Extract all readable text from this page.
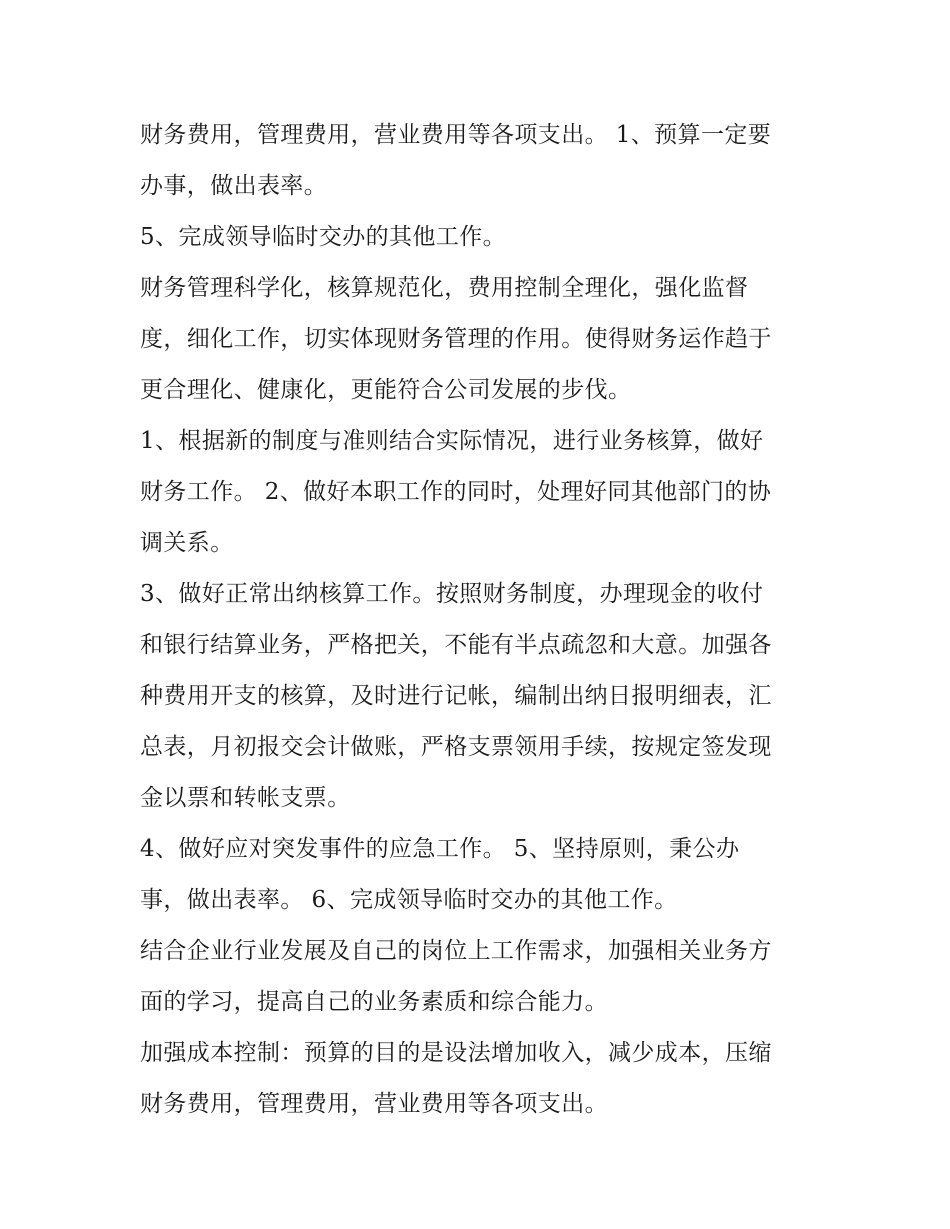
财务费用，管理费用，营业费用等各项支出。 1、预算一定要
办事，做出表率。
5、完成领导临时交办的其他工作。
财务管理科学化，核算规范化，费用控制全理化，强化监督
度，细化工作，切实体现财务管理的作用。使得财务运作趋于
更合理化、健康化，更能符合公司发展的步伐。
1、根据新的制度与准则结合实际情况，进行业务核算，做好
财务工作。 2、做好本职工作的同时，处理好同其他部门的协
调关系。
3、做好正常出纳核算工作。按照财务制度，办理现金的收付
和银行结算业务，严格把关，不能有半点疏忽和大意。加强各
种费用开支的核算，及时进行记帐，编制出纳日报明细表，汇
总表，月初报交会计做账，严格支票领用手续，按规定签发现
金以票和转帐支票。
4、做好应对突发事件的应急工作。 5、坚持原则，秉公办
事，做出表率。 6、完成领导临时交办的其他工作。
结合企业行业发展及自己的岗位上工作需求，加强相关业务方
面的学习，提高自己的业务素质和综合能力。
加强成本控制：预算的目的是设法增加收入，减少成本，压缩
财务费用，管理费用，营业费用等各项支出。
